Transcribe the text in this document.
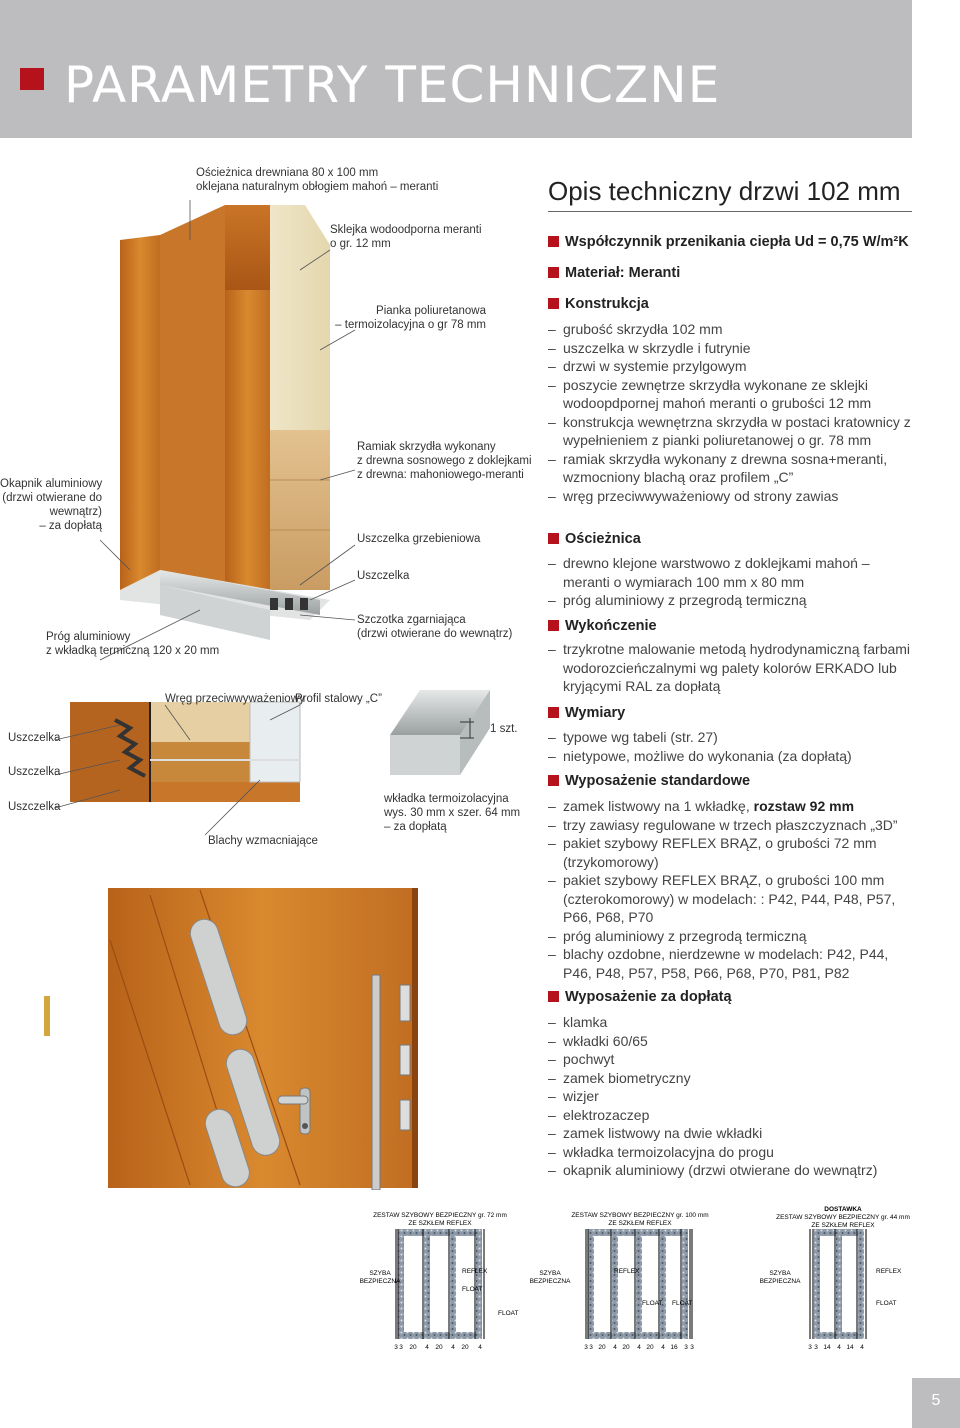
PARAMETRY TECHNICZNE
Opis techniczny drzwi 102 mm
Współczynnik przenikania ciepła Ud = 0,75 W/m²K
Materiał: Meranti
Konstrukcja
– grubość skrzydła 102 mm
– uszczelka w skrzydle i futrynie
– drzwi w systemie przylgowym
– poszycie zewnętrze skrzydła wykonane ze sklejki wodoopdpornej mahoń meranti o grubości 12 mm
– konstrukcja wewnętrzna skrzydła w postaci kratownicy z wypełnieniem z pianki poliuretanowej o gr. 78 mm
– ramiak skrzydła wykonany z drewna sosna+meranti, wzmocniony blachą oraz profilem „C”
– wręg przeciwwyważeniowy od strony zawias
Ościeżnica
– drewno klejone warstwowo z doklejkami mahoń – meranti o wymiarach 100 mm x 80 mm
– próg aluminiowy z przegrodą termiczną
Wykończenie
– trzykrotne malowanie metodą hydrodynamiczną farbami wodorozcieńczalnymi wg palety kolorów ERKADO lub kryjącymi RAL za dopłatą
Wymiary
– typowe wg tabeli (str. 27)
– nietypowe, możliwe do wykonania (za dopłatą)
Wyposażenie standardowe
– zamek listwowy na 1 wkładkę, rozstaw 92 mm
– trzy zawiasy regulowane w trzech płaszczyznach „3D”
– pakiet szybowy REFLEX BRĄZ, o grubości 72 mm (trzykomorowy)
– pakiet szybowy REFLEX BRĄZ, o grubości 100 mm (czterokomorowy) w modelach: : P42, P44, P48, P57, P66, P68, P70
– próg aluminiowy z przegrodą termiczną
– blachy ozdobne, nierdzewne w modelach: P42, P44, P46, P48, P57, P58, P66, P68, P70, P81, P82
Wyposażenie za dopłatą
– klamka
– wkładki 60/65
– pochwyt
– zamek biometryczny
– wizjer
– elektrozaczep
– zamek listwowy na dwie wkładki
– wkładka termoizolacyjna do progu
– okapnik aluminiowy (drzwi otwierane do wewnątrz)
Ościeżnica drewniana 80 x 100 mm
oklejana naturalnym obłogiem mahoń – meranti
Sklejka wodoodporna meranti
o gr. 12 mm
Pianka poliuretanowa
– termoizolacyjna o gr 78 mm
Ramiak skrzydła wykonany
z drewna sosnowego z doklejkami
z drewna: mahoniowego-meranti
Uszczelka grzebieniowa
Uszczelka
Szczotka zgarniająca
(drzwi otwierane do wewnątrz)
Okapnik aluminiowy
(drzwi otwierane do
wewnątrz)
– za dopłatą
Próg aluminiowy
z wkładką termiczną 120 x 20 mm
Wręg przeciwwyważeniowy
Profil stalowy „C”
Uszczelka
Uszczelka
Uszczelka
Blachy wzmacniające
1 szt.
wkładka termoizolacyjna
wys. 30 mm x szer. 64 mm
– za dopłatą
ZESTAW SZYBOWY BEZPIECZNY gr. 72 mm ZE SZKŁEM REFLEX
SZYBA BEZPIECZNA
REFLEX
FLOAT
FLOAT
3 3 20 4 20 4 20 4
ZESTAW SZYBOWY BEZPIECZNY gr. 100 mm ZE SZKŁEM REFLEX
SZYBA BEZPIECZNA
REFLEX
FLOAT FLOAT
3 3 20 4 20 4 20 4 16 3 3
DOSTAWKA
ZESTAW SZYBOWY BEZPIECZNY gr. 44 mm ZE SZKŁEM REFLEX
SZYBA BEZPIECZNA
REFLEX
FLOAT
3 3 14 4 14 4
5
